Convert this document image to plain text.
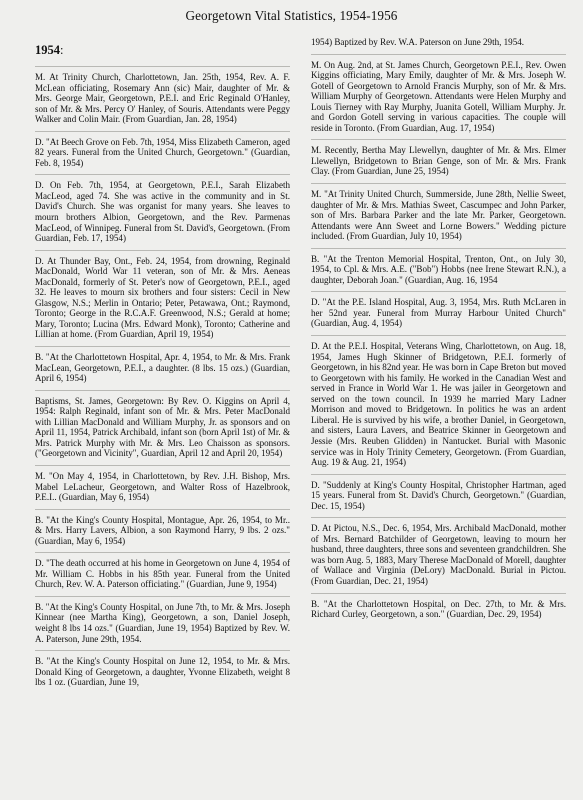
Georgetown Vital Statistics, 1954-1956
1954:

M. At Trinity Church, Charlottetown, Jan. 25th, 1954, Rev. A. F. McLean officiating, Rosemary Ann (sic) Mair, daughter of Mr. & Mrs. George Mair, Georgetown, P.E.I. and Eric Reginald O'Hanley, son of Mr. & Mrs. Percy O' Hanley, of Souris. Attendants were Peggy Walker and Colin Mair. (From Guardian, Jan. 28, 1954)

D. "At Beech Grove on Feb. 7th, 1954, Miss Elizabeth Cameron, aged 82 years. Funeral from the United Church, Georgetown." (Guardian, Feb. 8, 1954)

D. On Feb. 7th, 1954, at Georgetown, P.E.I., Sarah Elizabeth MacLeod, aged 74. She was active in the community and in St. David's Church. She was organist for many years. She leaves to mourn brothers Albion, Georgetown, and the Rev. Parmenas MacLeod, of Winnipeg. Funeral from St. David's, Georgetown. (From Guardian, Feb. 17, 1954)

D. At Thunder Bay, Ont., Feb. 24, 1954, from drowning, Reginald MacDonald, World War 11 veteran, son of Mr. & Mrs. Aeneas MacDonald, formerly of St. Peter's now of Georgetown, P.E.I., aged 32. He leaves to mourn six brothers and four sisters: Cecil in New Glasgow, N.S.; Merlin in Ontario; Peter, Petawawa, Ont.; Raymond, Toronto; George in the R.C.A.F. Greenwood, N.S.; Gerald at home; Mary, Toronto; Lucina (Mrs. Edward Monk), Toronto; Catherine and Lillian at home. (From Guardian, April 19, 1954)

B. "At the Charlottetown Hospital, Apr. 4, 1954, to Mr. & Mrs. Frank MacLean, Georgetown, P.E.I., a daughter. (8 lbs. 15 ozs.) (Guardian, April 6, 1954)

Baptisms, St. James, Georgetown: By Rev. O. Kiggins on April 4, 1954: Ralph Reginald, infant son of Mr. & Mrs. Peter MacDonald with Lillian MacDonald and William Murphy, Jr. as sponsors and on April 11, 1954, Patrick Archibald, infant son (born April 1st) of Mr. & Mrs. Patrick Murphy with Mr. & Mrs. Leo Chaisson as sponsors. ("Georgetown and Vicinity", Guardian, April 12 and April 20, 1954)

M. "On May 4, 1954, in Charlottetown, by Rev. J.H. Bishop, Mrs. Mabel LeLacheur, Georgetown, and Walter Ross of Hazelbrook, P.E.I.. (Guardian, May 6, 1954)

B. "At the King's County Hospital, Montague, Apr. 26, 1954, to Mr.. & Mrs. Harry Lavers, Albion, a son Raymond Harry, 9 lbs. 2 ozs." (Guardian, May 6, 1954)

D. "The death occurred at his home in Georgetown on June 4, 1954 of Mr. William C. Hobbs in his 85th year. Funeral from the United Church, Rev. W. A. Paterson officiating." (Guardian, June 9, 1954)

B. "At the King's County Hospital, on June 7th, to Mr. & Mrs. Joseph Kinnear (nee Martha King), Georgetown, a son, Daniel Joseph, weight 8 lbs 14 ozs." (Guardian, June 19, 1954) Baptized by Rev. W. A. Paterson, June 29th, 1954.

B. "At the King's County Hospital on June 12, 1954, to Mr. & Mrs. Donald King of Georgetown, a daughter, Yvonne Elizabeth, weight 8 lbs 1 oz. (Guardian, June 19,

1954) Baptized by Rev. W.A. Paterson on June 29th, 1954.

M. On Aug. 2nd, at St. James Church, Georgetown P.E.I., Rev. Owen Kiggins officiating, Mary Emily, daughter of Mr. & Mrs. Joseph W. Gotell of Georgetown to Arnold Francis Murphy, son of Mr. & Mrs. William Murphy of Georgetown. Attendants were Helen Murphy and Louis Tierney with Ray Murphy, Juanita Gotell, William Murphy. Jr. and Gordon Gotell serving in various capacities. The couple will reside in Toronto. (From Guardian, Aug. 17, 1954)

M. Recently, Bertha May Llewellyn, daughter of Mr. & Mrs. Elmer Llewellyn, Bridgetown to Brian Genge, son of Mr. & Mrs. Frank Clay. (From Guardian, June 25, 1954)

M. "At Trinity United Church, Summerside, June 28th, Nellie Sweet, daughter of Mr. & Mrs. Mathias Sweet, Cascumpec and John Parker, son of Mrs. Barbara Parker and the late Mr. Parker, Georgetown. Attendants were Ann Sweet and Lorne Bowers." Wedding picture included. (From Guardian, July 10, 1954)

B. "At the Trenton Memorial Hospital, Trenton, Ont., on July 30, 1954, to Cpl. & Mrs. A.E. ("Bob") Hobbs (nee Irene Stewart R.N.), a daughter, Deborah Joan." (Guardian, Aug. 16, 1954

D. "At the P.E. Island Hospital, Aug. 3, 1954, Mrs. Ruth McLaren in her 52nd year. Funeral from Murray Harbour United Church" (Guardian, Aug. 4, 1954)

D. At the P.E.I. Hospital, Veterans Wing, Charlottetown, on Aug. 18, 1954, James Hugh Skinner of Bridgetown, P.E.I. formerly of Georgetown, in his 82nd year. He was born in Cape Breton but moved to Georgetown with his family. He worked in the Canadian West and served in France in World War 1. He was jailer in Georgetown and served on the town council. In 1939 he married Mary Ladner Morrison and moved to Bridgetown. In politics he was an ardent Liberal. He is survived by his wife, a brother Daniel, in Georgetown, and sisters, Laura Lavers, and Beatrice Skinner in Georgetown and Jessie (Mrs. Reuben Glidden) in Nantucket. Burial with Masonic service was in Holy Trinity Cemetery, Georgetown. (From Guardian, Aug. 19 & Aug. 21, 1954)

D. "Suddenly at King's County Hospital, Christopher Hartman, aged 15 years. Funeral from St. David's Church, Georgetown." (Guardian, Dec. 15, 1954)

D. At Pictou, N.S., Dec. 6, 1954, Mrs. Archibald MacDonald, mother of Mrs. Bernard Batchilder of Georgetown, leaving to mourn her husband, three daughters, three sons and seventeen grandchildren. She was born Aug. 5, 1883, Mary Therese MacDonald of Morell, daughter of Wallace and Virginia (DeLory) MacDonald. Burial in Pictou. (From Guardian, Dec. 21, 1954)

B. "At the Charlottetown Hospital, on Dec. 27th, to Mr. & Mrs. Richard Curley, Georgetown, a son." (Guardian, Dec. 29, 1954)
